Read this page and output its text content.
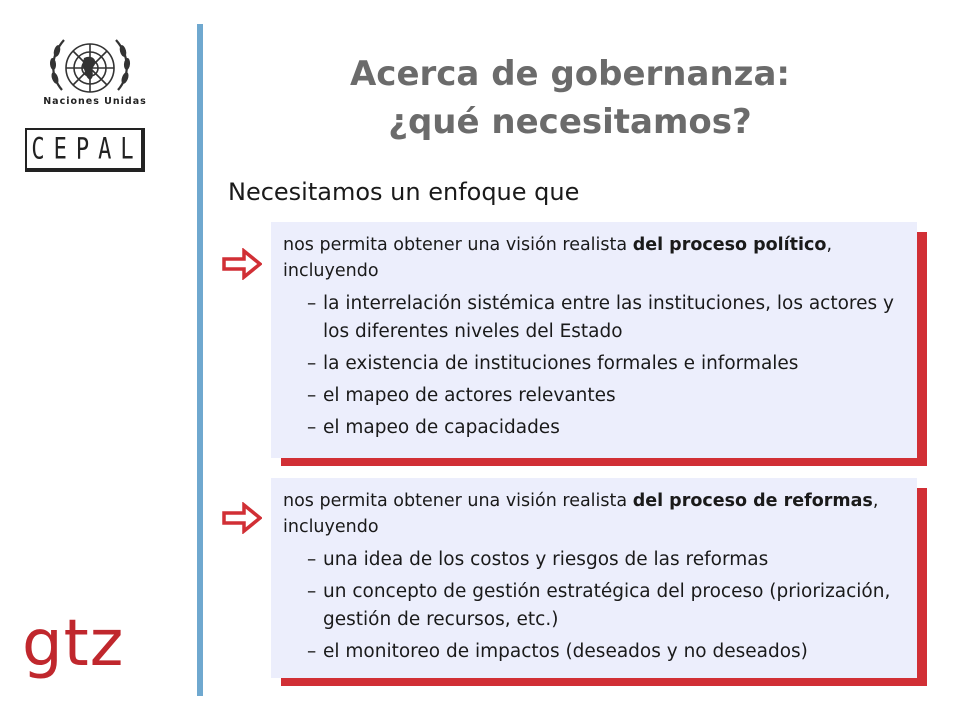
Naciones Unidas
CEPAL
gtz
Acerca de gobernanza:
¿qué necesitamos?
Necesitamos un enfoque que
nos permita obtener una visión realista del proceso político, incluyendo
– la interrelación sistémica entre las instituciones, los actores y los diferentes niveles del Estado
– la existencia de instituciones formales e informales
– el mapeo de actores relevantes
– el mapeo de capacidades
nos permita obtener una visión realista del proceso de reformas, incluyendo
– una idea de los costos y riesgos de las reformas
– un concepto de gestión estratégica del proceso (priorización, gestión de recursos, etc.)
– el monitoreo de impactos (deseados y no deseados)
